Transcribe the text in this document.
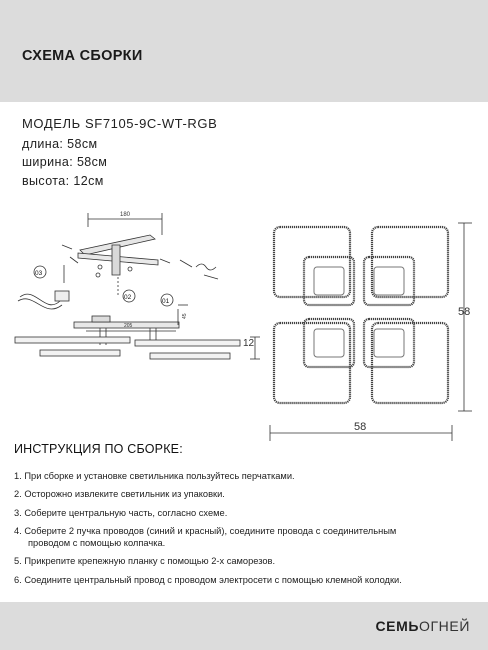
СХЕМА СБОРКИ
МОДЕЛЬ SF7105-9C-WT-RGB
длина: 58см
ширина: 58см
высота: 12см
180
205
45
12
03
02
01
58
58
ИНСТРУКЦИЯ ПО СБОРКЕ:
1. При сборке и установке светильника пользуйтесь перчатками.
2. Осторожно извлеките светильник из упаковки.
3. Соберите центральную часть, согласно схеме.
4. Соберите 2 пучка проводов (синий и красный), соедините провода с соединительным
проводом с помощью колпачка.
5. Прикрепите крепежную планку с помощью 2-х саморезов.
6. Соедините центральный провод с проводом электросети с помощью клемной колодки.
СЕМЬОГНЕЙ
